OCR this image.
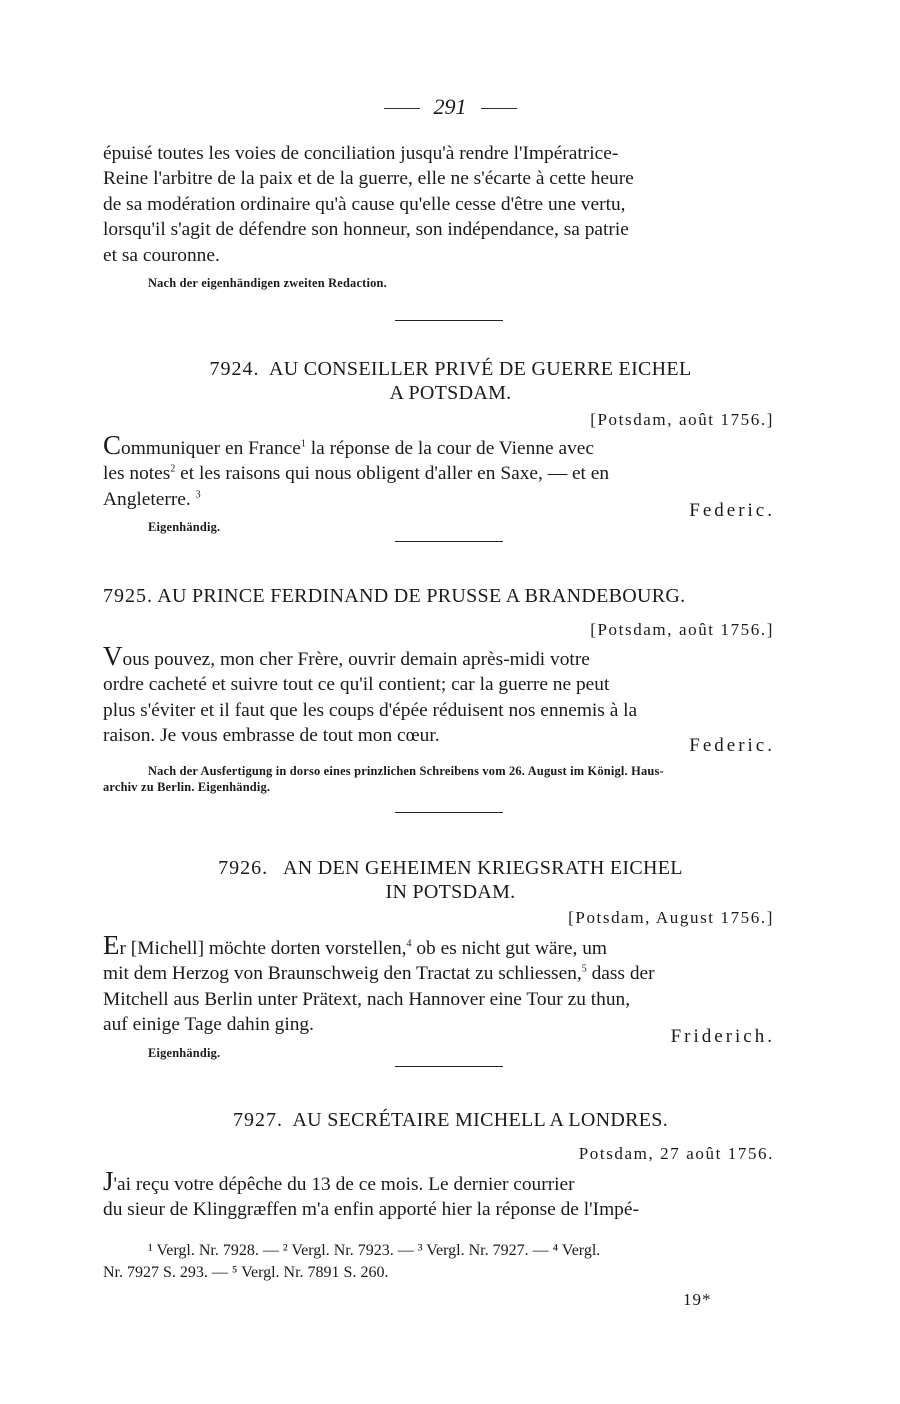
291

épuisé toutes les voies de conciliation jusqu'à rendre l'Impératrice-

Reine l'arbitre de la paix et de la guerre, elle ne s'écarte à cette heure

de sa modération ordinaire qu'à cause qu'elle cesse d'être une vertu,

lorsqu'il s'agit de défendre son honneur, son indépendance, sa patrie

et sa couronne.

Nach der eigenhändigen zweiten Redaction.
7924. AU CONSEILLER PRIVÉ DE GUERRE EICHEL
A POTSDAM.
[Potsdam, août 1756.]

Communiquer en France$^1$ la réponse de la cour de Vienne avec

les notes$^2$ et les raisons qui nous obligent d'aller en Saxe, — et en

Angleterre. $^3$

Federic.
Eigenhändig.
7925. AU PRINCE FERDINAND DE PRUSSE A BRANDEBOURG.
[Potsdam, août 1756.]

Vous pouvez, mon cher Frère, ouvrir demain après-midi votre

ordre cacheté et suivre tout ce qu'il contient; car la guerre ne peut

plus s'éviter et il faut que les coups d'épée réduisent nos ennemis à la

raison. Je vous embrasse de tout mon cœur.	Federic.
Nach der Ausfertigung in dorso eines prinzlichen Schreibens vom 26. August im Königl. Haus-
archiv zu Berlin. Eigenhändig.
7926. AN DEN GEHEIMEN KRIEGSRATH EICHEL
IN POTSDAM.
[Potsdam, August 1756.]

Er [Michell] möchte dorten vorstellen,$^4$ ob es nicht gut wäre, um

mit dem Herzog von Braunschweig den Tractat zu schliessen,$^5$ dass der

Mitchell aus Berlin unter Prätext, nach Hannover eine Tour zu thun,

auf einige Tage dahin ging.

Friderich.
Eigenhändig.
7927. AU SECRÉTAIRE MICHELL A LONDRES.
Potsdam, 27 août 1756.

J'ai reçu votre dépêche du 13 de ce mois. Le dernier courrier

du sieur de Klinggræffen m'a enfin apporté hier la réponse de l'Impé-

¹ Vergl. Nr. 7928. — ² Vergl. Nr. 7923. — ³ Vergl. Nr. 7927. — ⁴ Vergl.
Nr. 7927 S. 293. — ⁵ Vergl. Nr. 7891 S. 260.
19*
